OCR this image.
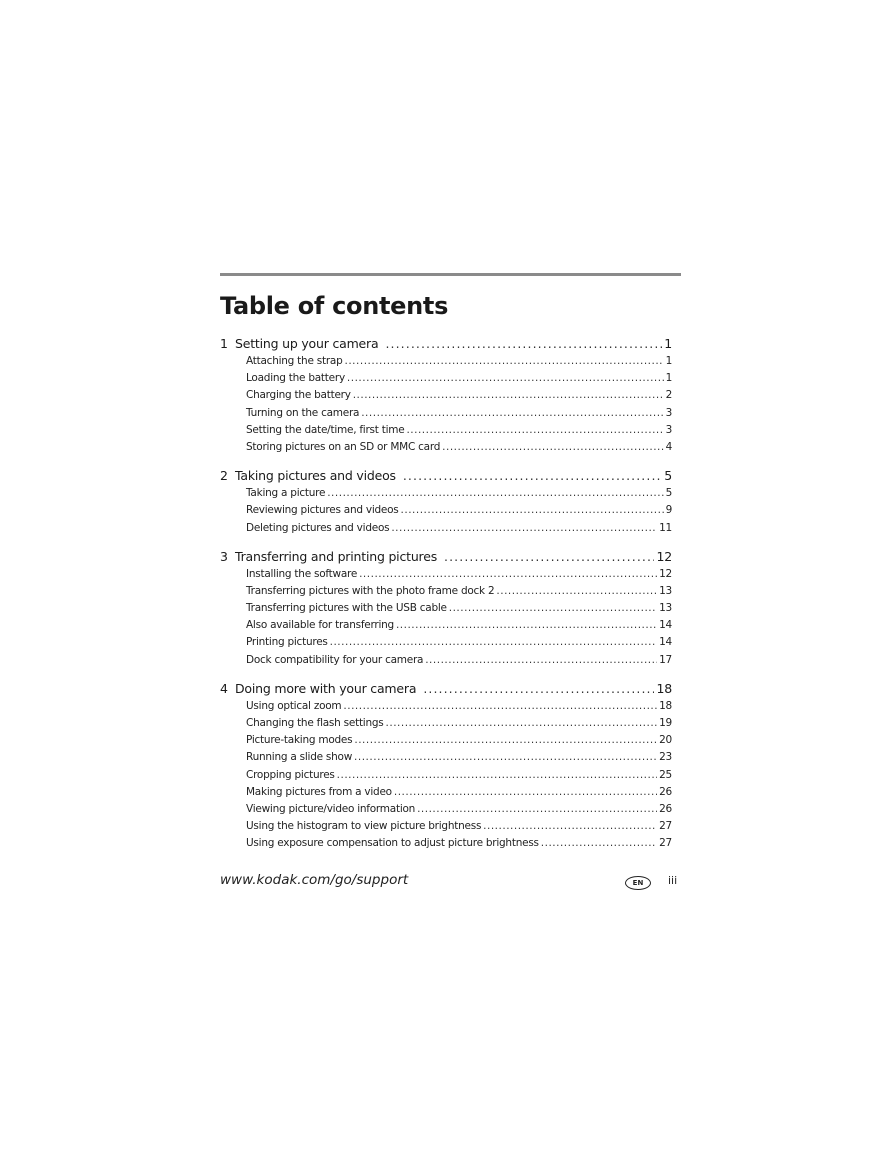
Table of contents
1 Setting up your camera .....	1
Attaching the strap .....	1
Loading the battery .....	1
Charging the battery .....	2
Turning on the camera .....	3
Setting the date/time, first time .....	3
Storing pictures on an SD or MMC card .....	4
2 Taking pictures and videos .....	5
Taking a picture .....	5
Reviewing pictures and videos .....	9
Deleting pictures and videos .....	11
3 Transferring and printing pictures .....	12
Installing the software .....	12
Transferring pictures with the photo frame dock 2 .....	13
Transferring pictures with the USB cable .....	13
Also available for transferring .....	14
Printing pictures .....	14
Dock compatibility for your camera .....	17
4 Doing more with your camera .....	18
Using optical zoom .....	18
Changing the flash settings .....	19
Picture-taking modes .....	20
Running a slide show .....	23
Cropping pictures .....	25
Making pictures from a video .....	26
Viewing picture/video information .....	26
Using the histogram to view picture brightness .....	27
Using exposure compensation to adjust picture brightness .....	27
www.kodak.com/go/support	EN	iii
